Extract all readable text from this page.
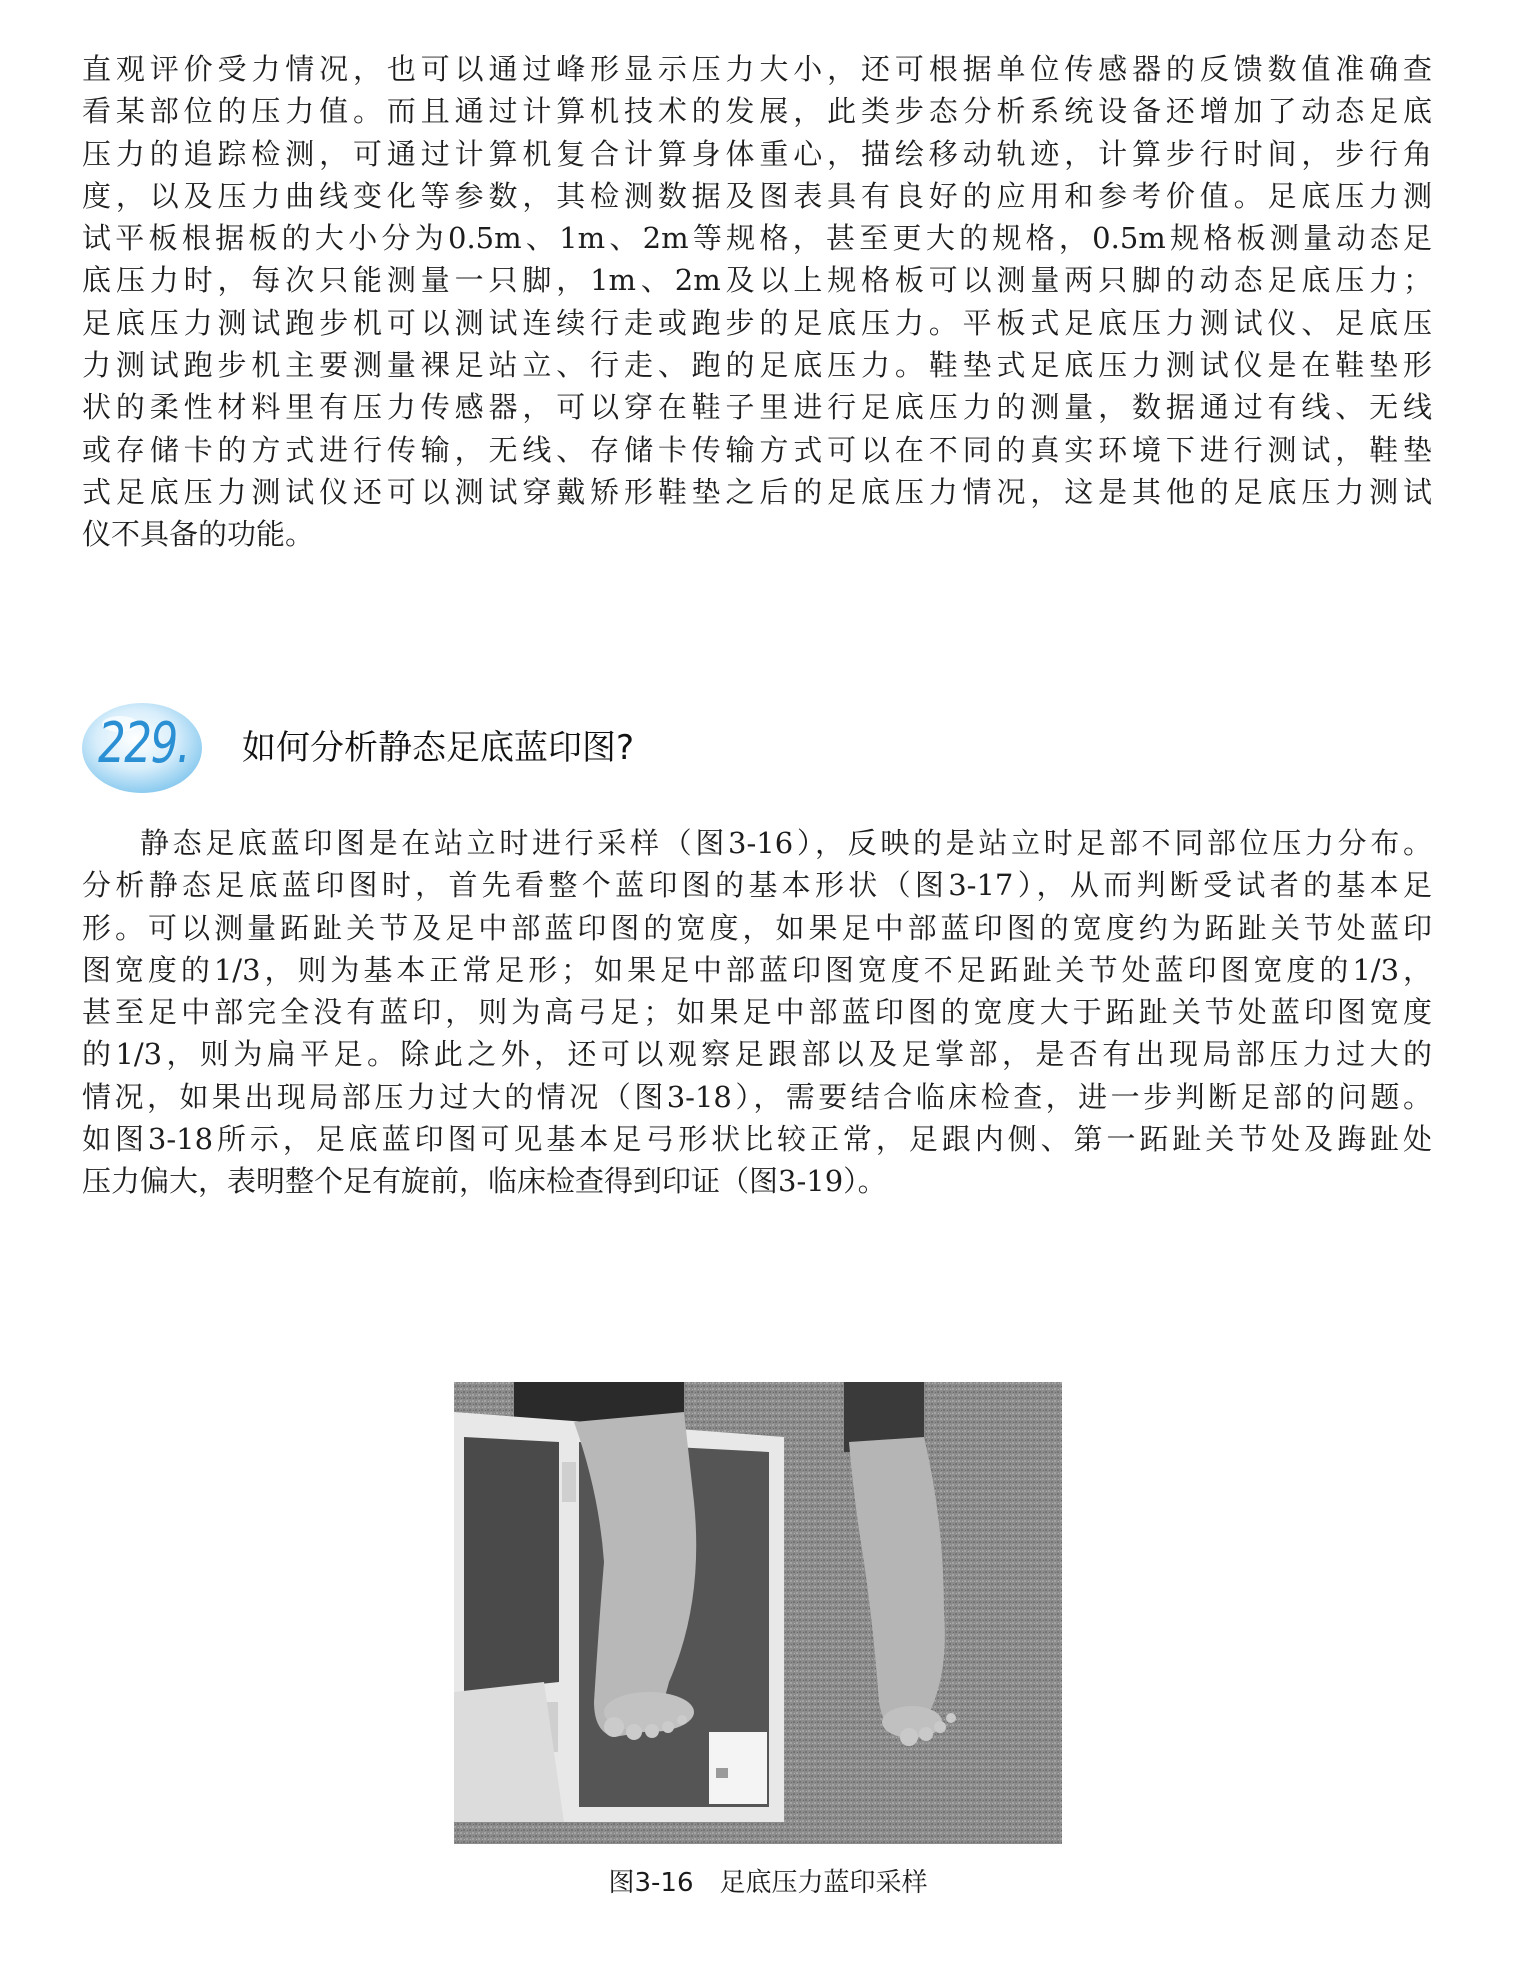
直观评价受力情况，也可以通过峰形显示压力大小，还可根据单位传感器的反馈数值准确查
看某部位的压力值。而且通过计算机技术的发展，此类步态分析系统设备还增加了动态足底
压力的追踪检测，可通过计算机复合计算身体重心，描绘移动轨迹，计算步行时间，步行角
度，以及压力曲线变化等参数，其检测数据及图表具有良好的应用和参考价值。足底压力测
试平板根据板的大小分为0.5m、1m、2m等规格，甚至更大的规格，0.5m规格板测量动态足
底压力时，每次只能测量一只脚，1m、2m及以上规格板可以测量两只脚的动态足底压力；
足底压力测试跑步机可以测试连续行走或跑步的足底压力。平板式足底压力测试仪、足底压
力测试跑步机主要测量裸足站立、行走、跑的足底压力。鞋垫式足底压力测试仪是在鞋垫形
状的柔性材料里有压力传感器，可以穿在鞋子里进行足底压力的测量，数据通过有线、无线
或存储卡的方式进行传输，无线、存储卡传输方式可以在不同的真实环境下进行测试，鞋垫
式足底压力测试仪还可以测试穿戴矫形鞋垫之后的足底压力情况，这是其他的足底压力测试
仪不具备的功能。
229.	如何分析静态足底蓝印图?
静态足底蓝印图是在站立时进行采样（图3-16），反映的是站立时足部不同部位压力分布。
分析静态足底蓝印图时，首先看整个蓝印图的基本形状（图3-17），从而判断受试者的基本足
形。可以测量跖趾关节及足中部蓝印图的宽度，如果足中部蓝印图的宽度约为跖趾关节处蓝印
图宽度的1/3，则为基本正常足形；如果足中部蓝印图宽度不足跖趾关节处蓝印图宽度的1/3，
甚至足中部完全没有蓝印，则为高弓足；如果足中部蓝印图的宽度大于跖趾关节处蓝印图宽度
的1/3，则为扁平足。除此之外，还可以观察足跟部以及足掌部，是否有出现局部压力过大的
情况，如果出现局部压力过大的情况（图3-18），需要结合临床检查，进一步判断足部的问题。
如图3-18所示，足底蓝印图可见基本足弓形状比较正常，足跟内侧、第一跖趾关节处及踇趾处
压力偏大，表明整个足有旋前，临床检查得到印证（图3-19）。
图3-16　足底压力蓝印采样
